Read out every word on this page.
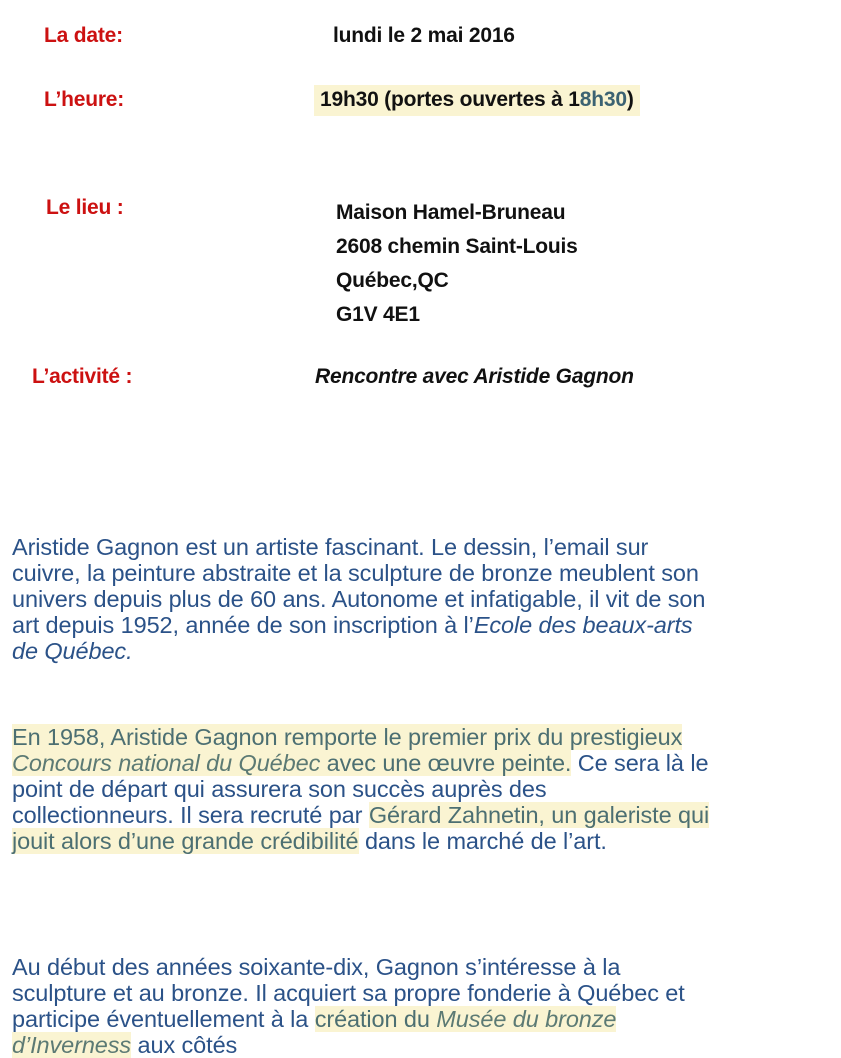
La date:	lundi le 2 mai 2016
L’heure:	19h30 (portes ouvertes à 18h30)
Le lieu :	Maison Hamel-Bruneau
2608 chemin Saint-Louis
Québec,QC
G1V 4E1
L’activité :	Rencontre avec Aristide Gagnon

Aristide Gagnon est un artiste fascinant. Le dessin, l’email sur cuivre, la peinture abstraite et la sculpture de bronze meublent son univers depuis plus de 60 ans. Autonome et infatigable, il vit de son art depuis 1952, année de son inscription à l’Ecole des beaux-arts de Québec.

En 1958, Aristide Gagnon remporte le premier prix du prestigieux Concours national du Québec avec une œuvre peinte. Ce sera là le point de départ qui assurera son succès auprès des collectionneurs. Il sera recruté par Gérard Zahnetin, un galeriste qui jouit alors d’une grande crédibilité dans le marché de l’art.

Au début des années soixante-dix, Gagnon s’intéresse à la sculpture et au bronze. Il acquiert sa propre fonderie à Québec et participe éventuellement à la création du Musée du bronze d’Inverness aux côtés
